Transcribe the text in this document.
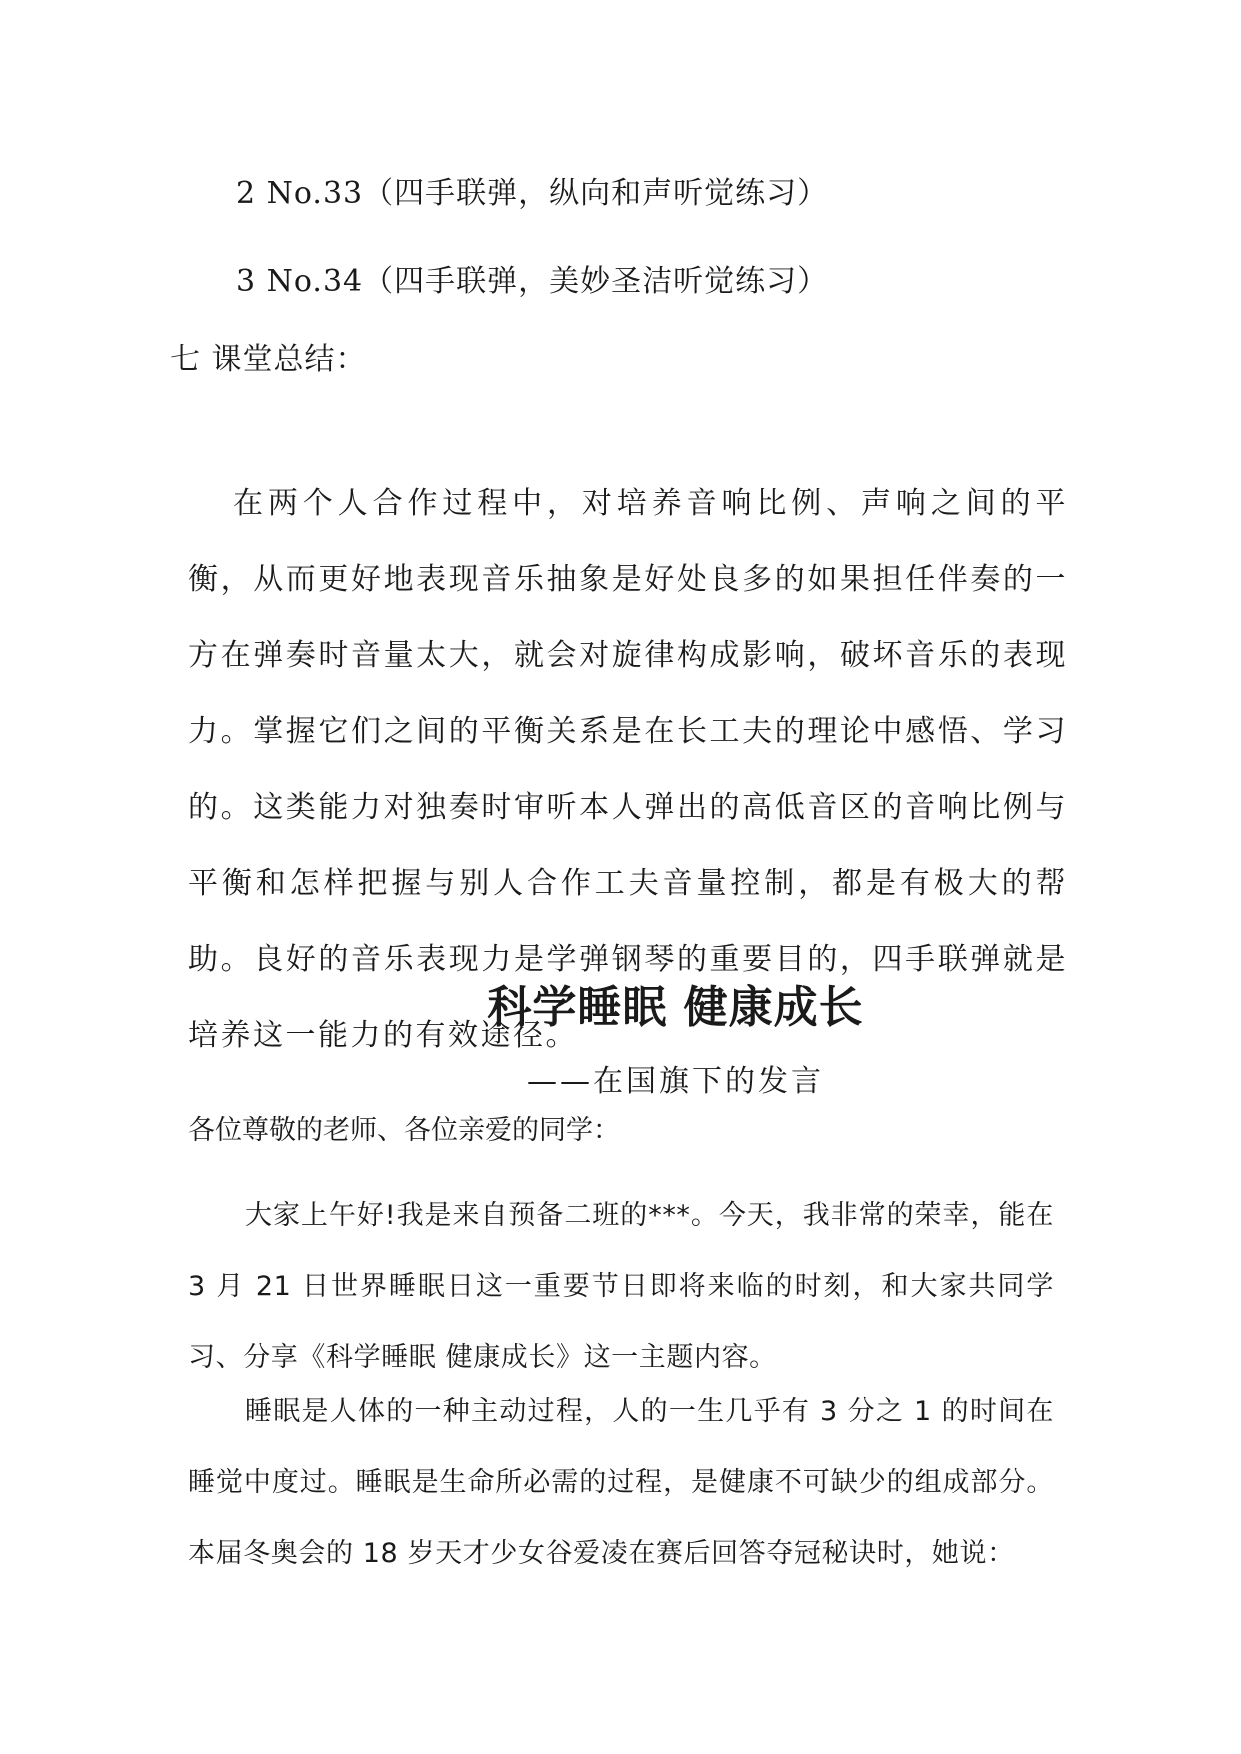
2 No.33（四手联弹，纵向和声听觉练习）
3 No.34（四手联弹，美妙圣洁听觉练习）
七 课堂总结：
在两个人合作过程中，对培养音响比例、声响之间的平衡，从而更好地表现音乐抽象是好处良多的如果担任伴奏的一方在弹奏时音量太大，就会对旋律构成影响，破坏音乐的表现力。掌握它们之间的平衡关系是在长工夫的理论中感悟、学习的。这类能力对独奏时审听本人弹出的高低音区的音响比例与平衡和怎样把握与别人合作工夫音量控制，都是有极大的帮助。良好的音乐表现力是学弹钢琴的重要目的，四手联弹就是培养这一能力的有效途径。
科学睡眠 健康成长
——在国旗下的发言
各位尊敬的老师、各位亲爱的同学：
大家上午好!我是来自预备二班的***。今天，我非常的荣幸，能在 3 月 21 日世界睡眠日这一重要节日即将来临的时刻，和大家共同学习、分享《科学睡眠 健康成长》这一主题内容。
睡眠是人体的一种主动过程，人的一生几乎有 3 分之 1 的时间在睡觉中度过。睡眠是生命所必需的过程，是健康不可缺少的组成部分。本届冬奥会的 18 岁天才少女谷爱凌在赛后回答夺冠秘诀时，她说：
